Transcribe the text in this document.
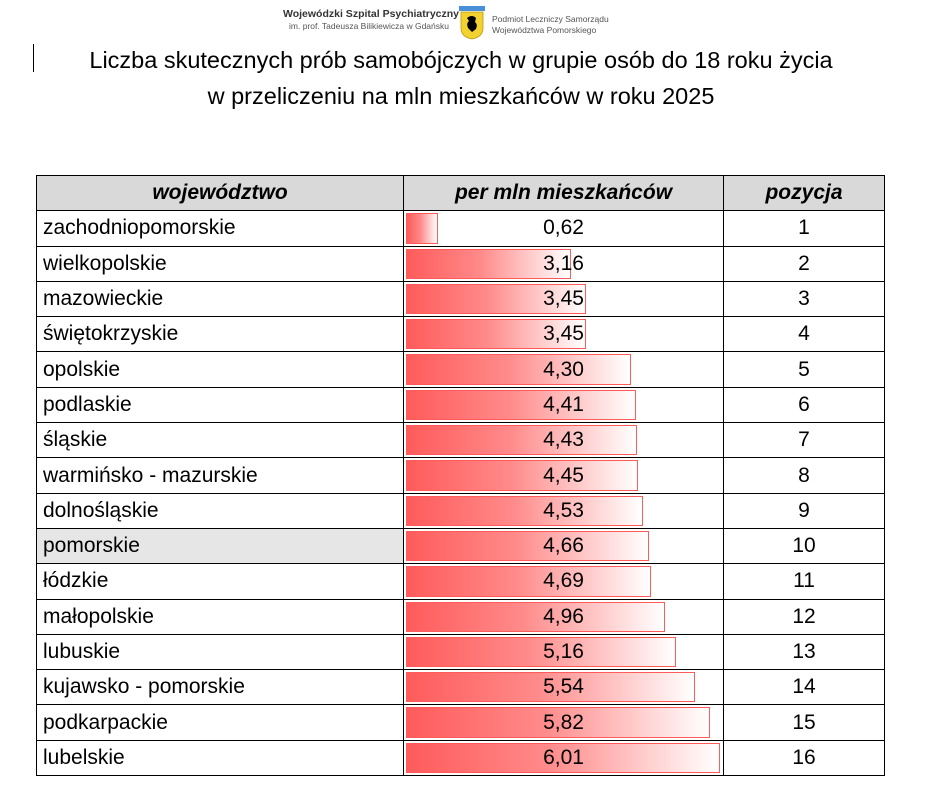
Wojewódzki Szpital Psychiatryczny
im. prof. Tadeusza Bilikiewicza w Gdańsku
Podmiot Leczniczy Samorządu
Województwa Pomorskiego
Liczba skutecznych prób samobójczych w grupie osób do 18 roku życia
w przeliczeniu na mln mieszkańców w roku 2025
województwo	per mln mieszkańców	pozycja
zachodniopomorskie	0,62	1
wielkopolskie	3,16	2
mazowieckie	3,45	3
świętokrzyskie	3,45	4
opolskie	4,30	5
podlaskie	4,41	6
śląskie	4,43	7
warmińsko - mazurskie	4,45	8
dolnośląskie	4,53	9
pomorskie	4,66	10
łódzkie	4,69	11
małopolskie	4,96	12
lubuskie	5,16	13
kujawsko - pomorskie	5,54	14
podkarpackie	5,82	15
lubelskie	6,01	16
